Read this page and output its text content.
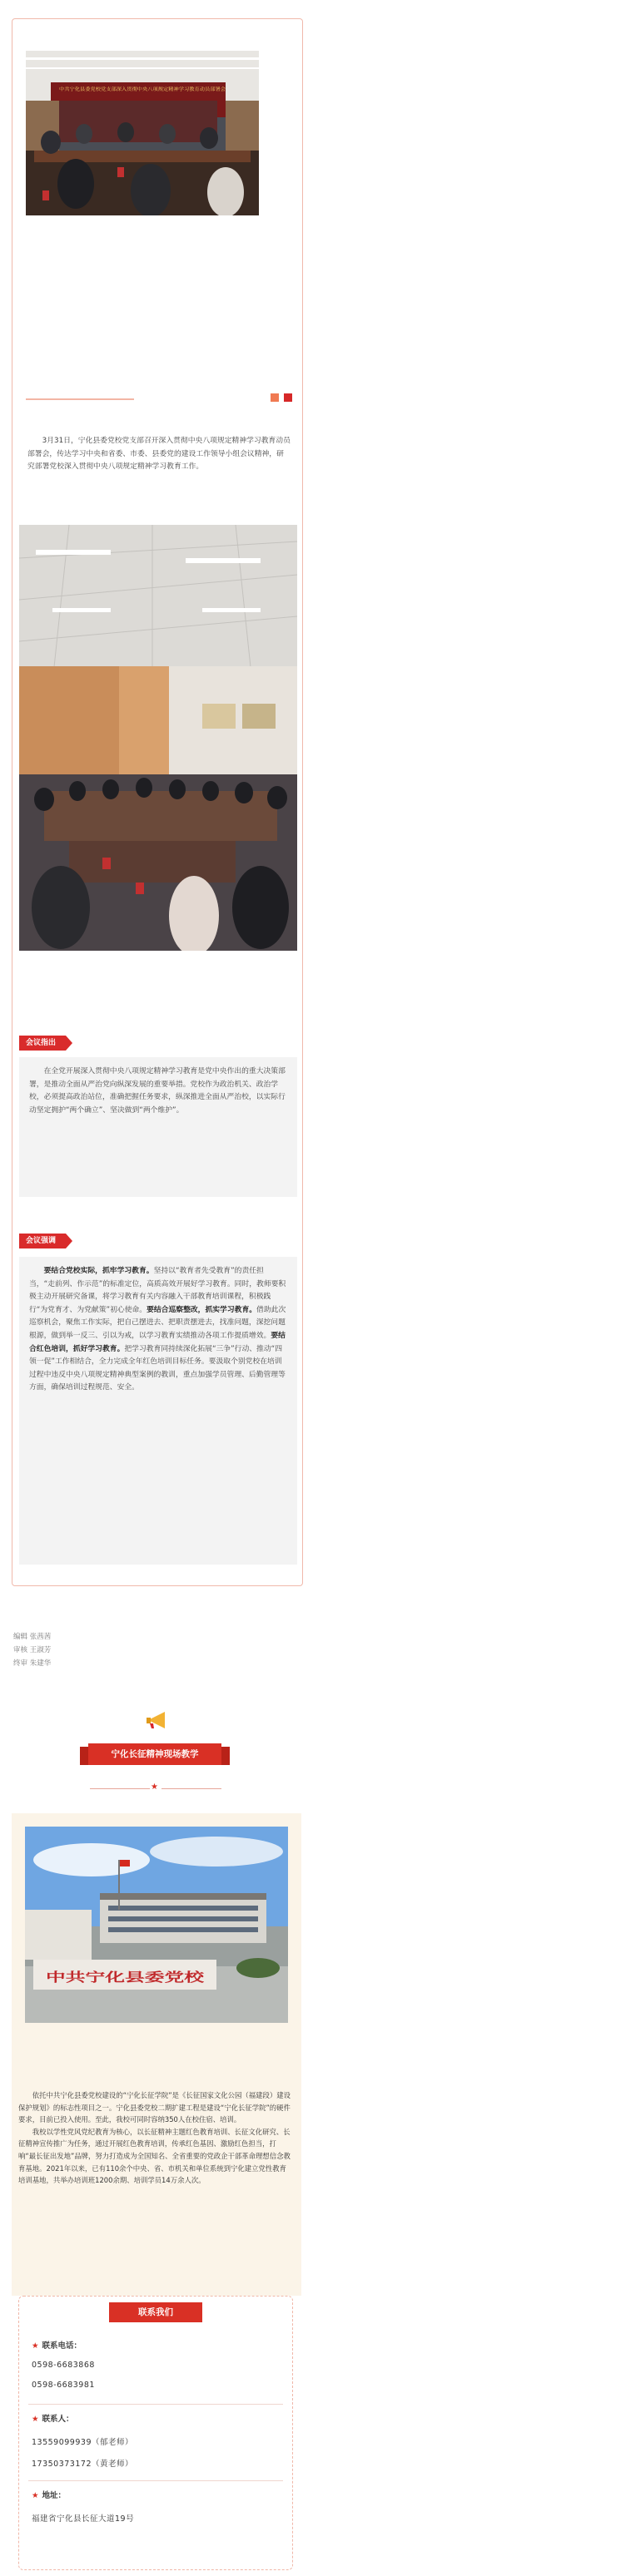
中共宁化县委党校党支部深入贯彻中央八项规定精神学习教育动员部署会

3月31日，宁化县委党校党支部召开深入贯彻中央八项规定精神学习教育动员部署会，传达学习中央和省委、市委、县委党的建设工作领导小组会议精神，研究部署党校深入贯彻中央八项规定精神学习教育工作。

会议指出

在全党开展深入贯彻中央八项规定精神学习教育是党中央作出的重大决策部署，是推动全面从严治党向纵深发展的重要举措。党校作为政治机关、政治学校，必须提高政治站位，准确把握任务要求，纵深推进全面从严治校，以实际行动坚定拥护“两个确立”、坚决做到“两个维护”。

会议强调

要结合党校实际，抓牢学习教育。坚持以“教育者先受教育”的责任担当，“走前列、作示范”的标准定位，高质高效开展好学习教育。同时，教师要积极主动开展研究备课，将学习教育有关内容融入干部教育培训课程，积极践行“为党育才、为党献策”初心使命。要结合巡察整改，抓实学习教育。借助此次巡察机会，聚焦工作实际，把自己摆进去、把职责摆进去，找准问题，深挖问题根源，做到举一反三、引以为戒，以学习教育实绩推动各项工作提质增效。要结合红色培训，抓好学习教育。把学习教育同持续深化拓展“三争”行动、推动“四领一促”工作相结合，全力完成全年红色培训目标任务。要汲取个别党校在培训过程中违反中央八项规定精神典型案例的教训，重点加强学员管理、后勤管理等方面，确保培训过程规范、安全。

编辑 张茜茜
审核 王淑芳
终审 朱建华
宁化长征精神现场教学
★
中共宁化县委党校

依托中共宁化县委党校建设的“宁化长征学院”是《长征国家文化公园（福建段）建设保护规划》的标志性项目之一。宁化县委党校二期扩建工程是建设“宁化长征学院”的硬件要求，目前已投入使用。至此，我校可同时容纳350人在校住宿、培训。

我校以学性党风党纪教育为核心，以长征精神主题红色教育培训、长征文化研究、长征精神宣传推广为任务，通过开展红色教育培训，传承红色基因、激励红色担当，打响“最长征出发地”品牌，努力打造成为全国知名、全省重要的党政企干部革命理想信念教育基地。2021年以来，已有110余个中央、省、市机关和单位系统到宁化建立党性教育培训基地，共举办培训班1200余期、培训学员14万余人次。

联系我们
★ 联系电话：
0598-6683868
0598-6683981
★ 联系人：
13559099939（郁老师）
17350373172（黄老师）
★ 地址：
福建省宁化县长征大道19号
